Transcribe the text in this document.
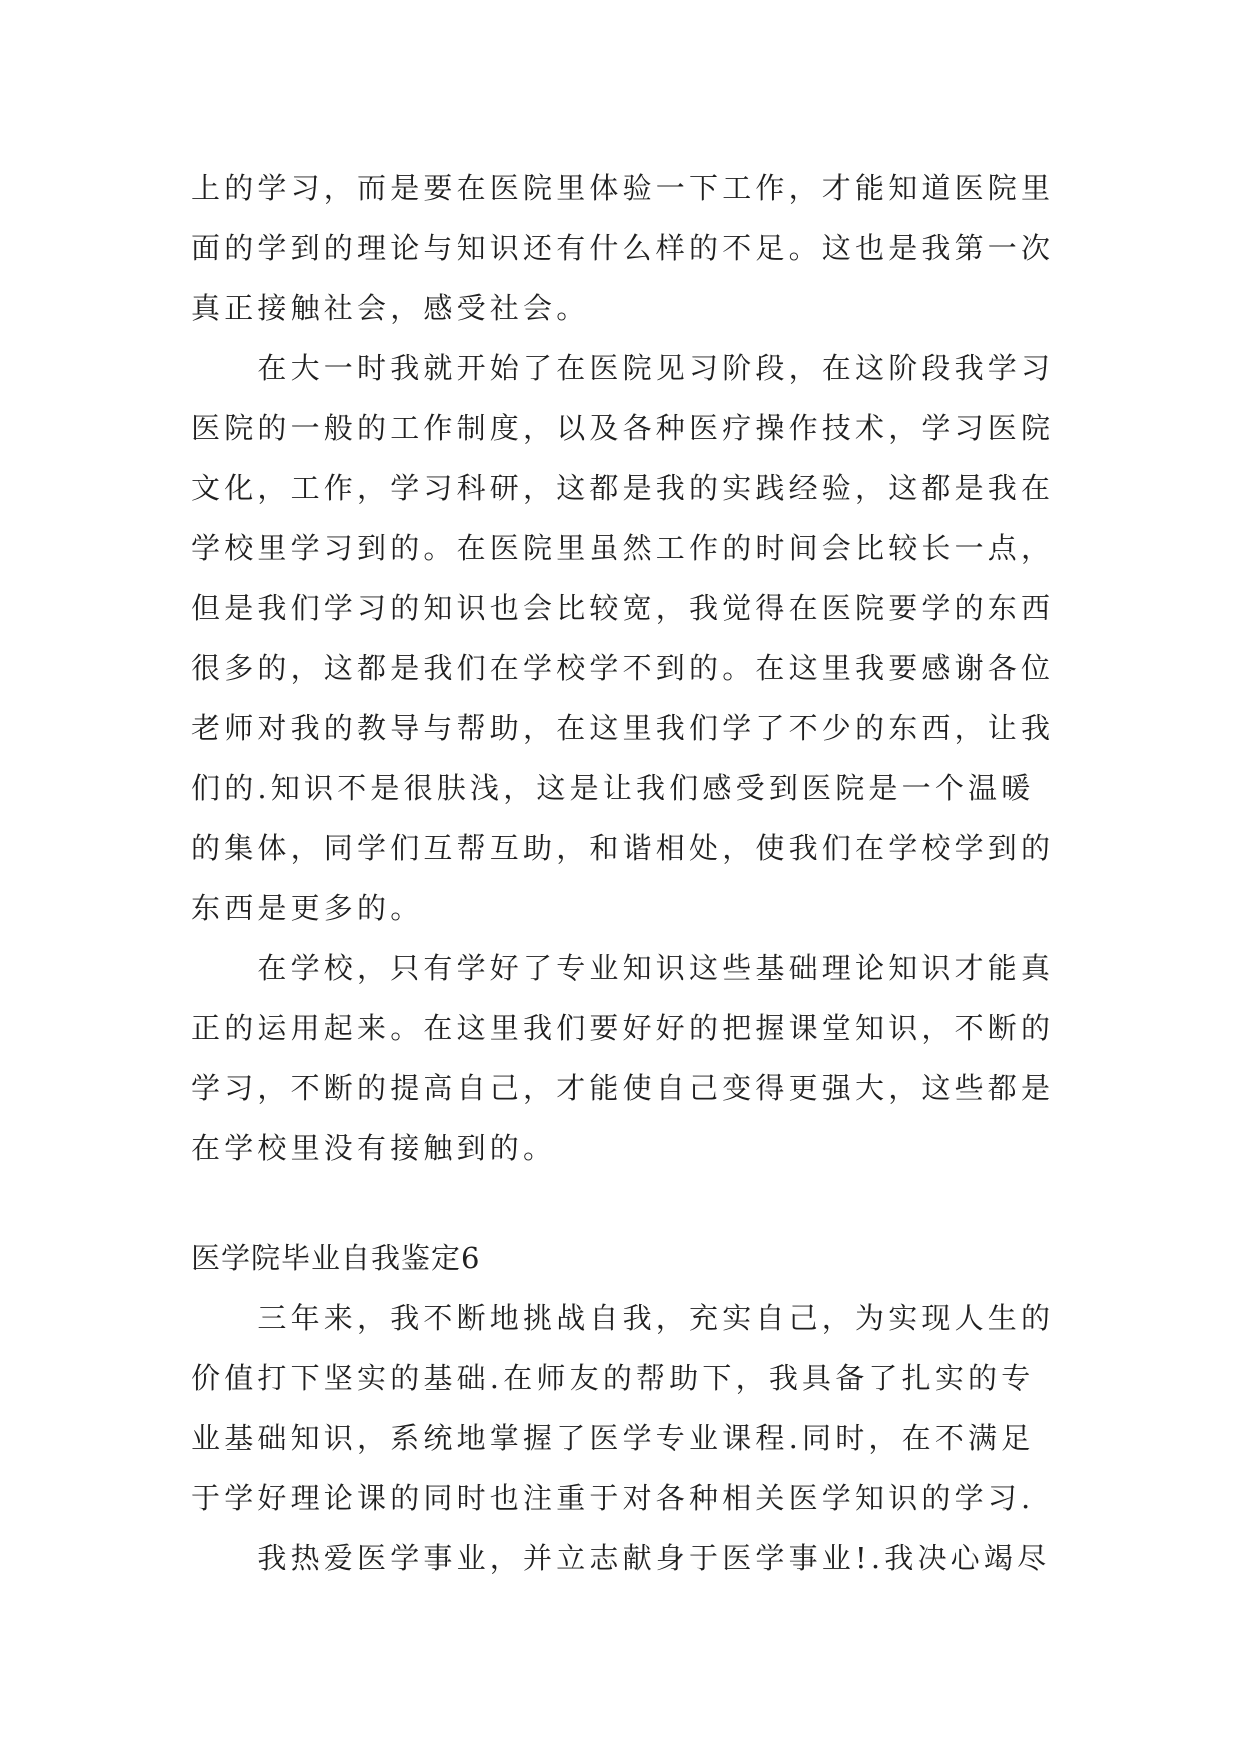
上的学习，而是要在医院里体验一下工作，才能知道医院里
面的学到的理论与知识还有什么样的不足。这也是我第一次
真正接触社会，感受社会。
　　在大一时我就开始了在医院见习阶段，在这阶段我学习
医院的一般的工作制度，以及各种医疗操作技术，学习医院
文化，工作，学习科研，这都是我的实践经验，这都是我在
学校里学习到的。在医院里虽然工作的时间会比较长一点，
但是我们学习的知识也会比较宽，我觉得在医院要学的东西
很多的，这都是我们在学校学不到的。在这里我要感谢各位
老师对我的教导与帮助，在这里我们学了不少的东西，让我
们的.知识不是很肤浅，这是让我们感受到医院是一个温暖
的集体，同学们互帮互助，和谐相处，使我们在学校学到的
东西是更多的。
　　在学校，只有学好了专业知识这些基础理论知识才能真
正的运用起来。在这里我们要好好的把握课堂知识，不断的
学习，不断的提高自己，才能使自己变得更强大，这些都是
在学校里没有接触到的。
医学院毕业自我鉴定6
　　三年来，我不断地挑战自我，充实自己，为实现人生的
价值打下坚实的基础.在师友的帮助下，我具备了扎实的专
业基础知识，系统地掌握了医学专业课程.同时，在不满足
于学好理论课的同时也注重于对各种相关医学知识的学习.
　　我热爱医学事业，并立志献身于医学事业!.我决心竭尽
